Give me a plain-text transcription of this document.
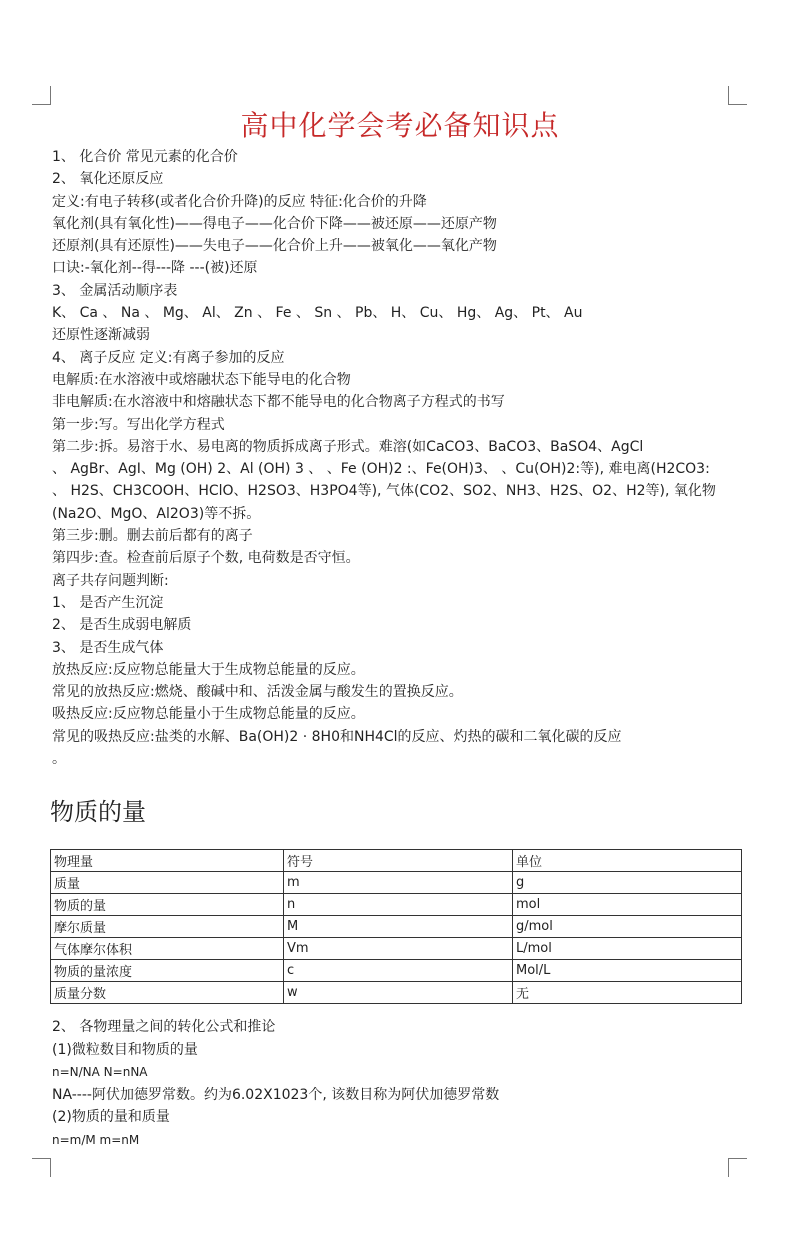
高中化学会考必备知识点
1、 化合价 常见元素的化合价
2、 氧化还原反应
定义:有电子转移(或者化合价升降)的反应 特征:化合价的升降
氧化剂(具有氧化性)——得电子——化合价下降——被还原——还原产物
还原剂(具有还原性)——失电子——化合价上升——被氧化——氧化产物
口诀:-氧化剂--得---降 ---(被)还原
3、 金属活动顺序表
K、 Ca 、 Na 、 Mg、 Al、 Zn 、 Fe 、 Sn 、 Pb、 H、 Cu、 Hg、 Ag、 Pt、 Au
还原性逐渐减弱
4、 离子反应 定义:有离子参加的反应
电解质:在水溶液中或熔融状态下能导电的化合物
非电解质:在水溶液中和熔融状态下都不能导电的化合物离子方程式的书写
第一步:写。写出化学方程式
第二步:拆。易溶于水、易电离的物质拆成离子形式。难溶(如CaCO3、BaCO3、BaSO4、AgCl
、 AgBr、AgI、Mg (OH) 2、Al (OH) 3 、 、Fe (OH)2 :、Fe(OH)3、 、Cu(OH)2:等), 难电离(H2CO3:
、 H2S、CH3COOH、HClO、H2SO3、H3PO4等), 气体(CO2、SO2、NH3、H2S、O2、H2等), 氧化物
(Na2O、MgO、Al2O3)等不拆。
第三步:删。删去前后都有的离子
第四步:查。检查前后原子个数, 电荷数是否守恒。
离子共存问题判断:
1、 是否产生沉淀
2、 是否生成弱电解质
3、 是否生成气体
放热反应:反应物总能量大于生成物总能量的反应。
常见的放热反应:燃烧、酸碱中和、活泼金属与酸发生的置换反应。
吸热反应:反应物总能量小于生成物总能量的反应。
常见的吸热反应:盐类的水解、Ba(OH)2 · 8H0和NH4Cl的反应、灼热的碳和二氧化碳的反应
。
物质的量
物理量	符号	单位
质量	m	g
物质的量	n	mol
摩尔质量	M	g/mol
气体摩尔体积	Vm	L/mol
物质的量浓度	c	Mol/L
质量分数	w	无
2、 各物理量之间的转化公式和推论
(1)微粒数目和物质的量
n=N/NA N=nNA
NA----阿伏加德罗常数。约为6.02X1023个, 该数目称为阿伏加德罗常数
(2)物质的量和质量
n=m/M m=nM
